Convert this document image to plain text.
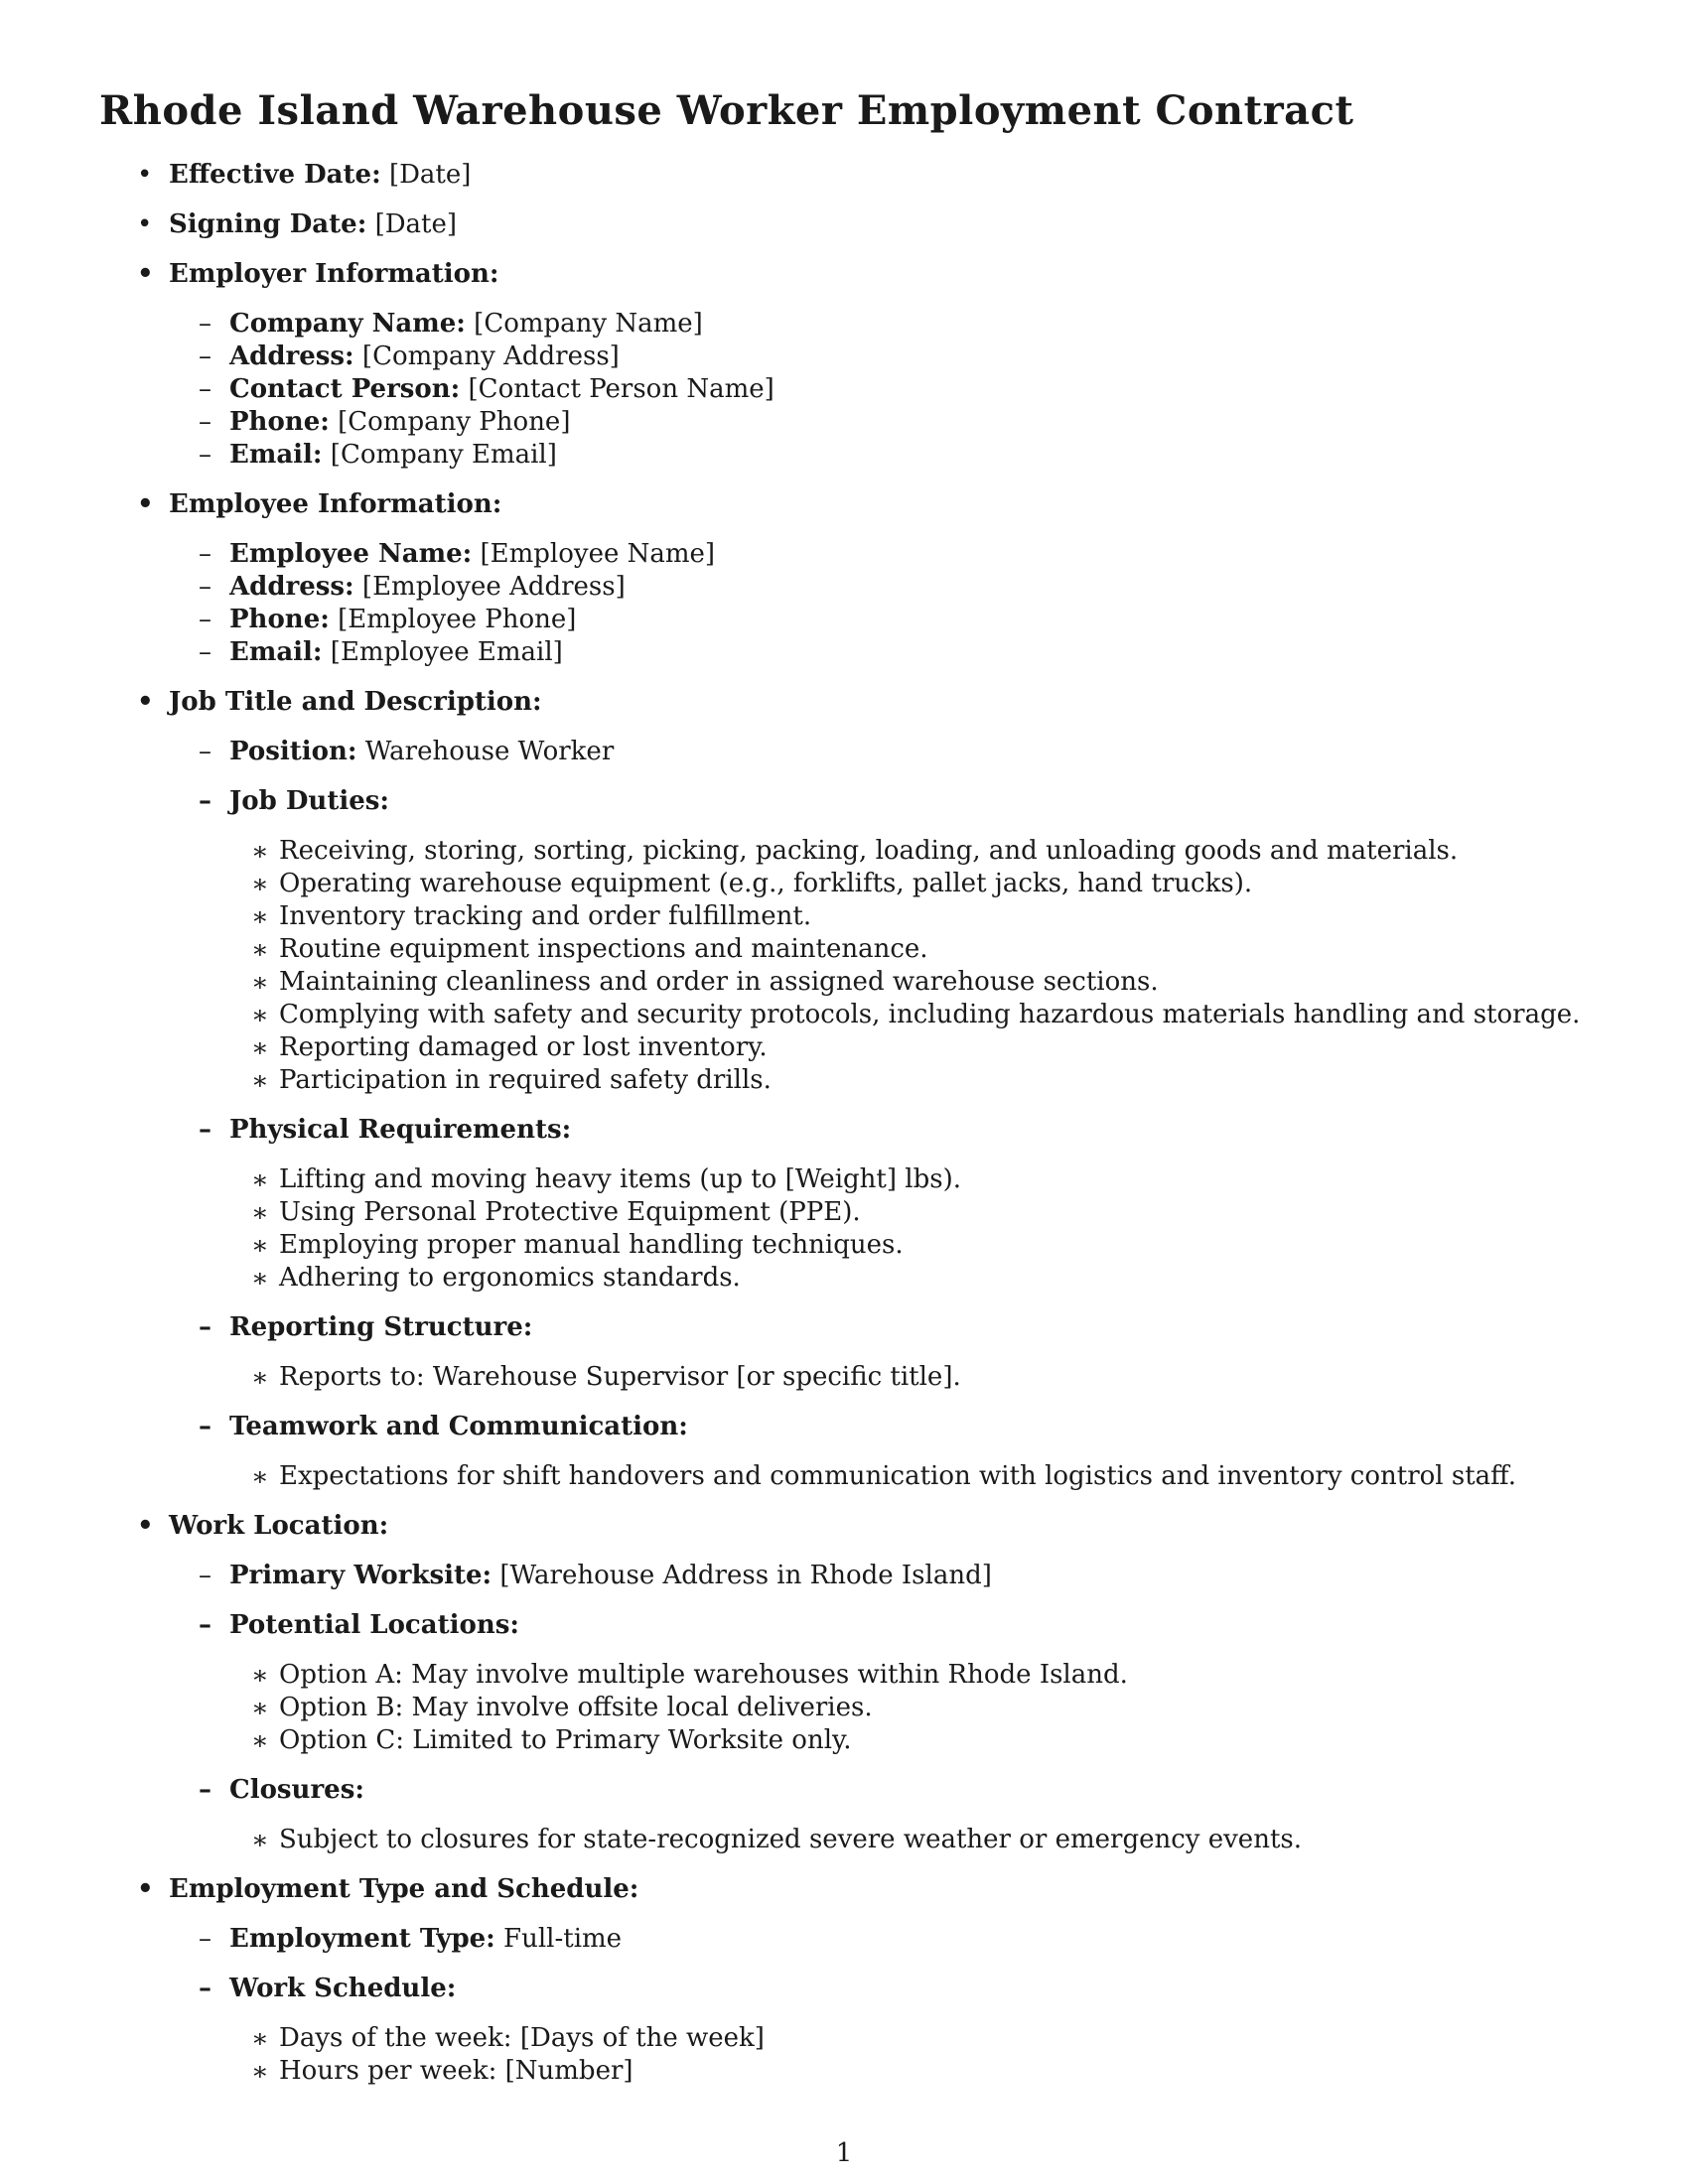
Rhode Island Warehouse Worker Employment Contract
• Effective Date: [Date]
• Signing Date: [Date]
• Employer Information:
– Company Name: [Company Name]
– Address: [Company Address]
– Contact Person: [Contact Person Name]
– Phone: [Company Phone]
– Email: [Company Email]
• Employee Information:
– Employee Name: [Employee Name]
– Address: [Employee Address]
– Phone: [Employee Phone]
– Email: [Employee Email]
• Job Title and Description:
– Position: Warehouse Worker
– Job Duties:
∗ Receiving, storing, sorting, picking, packing, loading, and unloading goods and materials.
∗ Operating warehouse equipment (e.g., forklifts, pallet jacks, hand trucks).
∗ Inventory tracking and order fulfillment.
∗ Routine equipment inspections and maintenance.
∗ Maintaining cleanliness and order in assigned warehouse sections.
∗ Complying with safety and security protocols, including hazardous materials handling and storage.
∗ Reporting damaged or lost inventory.
∗ Participation in required safety drills.
– Physical Requirements:
∗ Lifting and moving heavy items (up to [Weight] lbs).
∗ Using Personal Protective Equipment (PPE).
∗ Employing proper manual handling techniques.
∗ Adhering to ergonomics standards.
– Reporting Structure:
∗ Reports to: Warehouse Supervisor [or specific title].
– Teamwork and Communication:
∗ Expectations for shift handovers and communication with logistics and inventory control staff.
• Work Location:
– Primary Worksite: [Warehouse Address in Rhode Island]
– Potential Locations:
∗ Option A: May involve multiple warehouses within Rhode Island.
∗ Option B: May involve offsite local deliveries.
∗ Option C: Limited to Primary Worksite only.
– Closures:
∗ Subject to closures for state-recognized severe weather or emergency events.
• Employment Type and Schedule:
– Employment Type: Full-time
– Work Schedule:
∗ Days of the week: [Days of the week]
∗ Hours per week: [Number]
1
